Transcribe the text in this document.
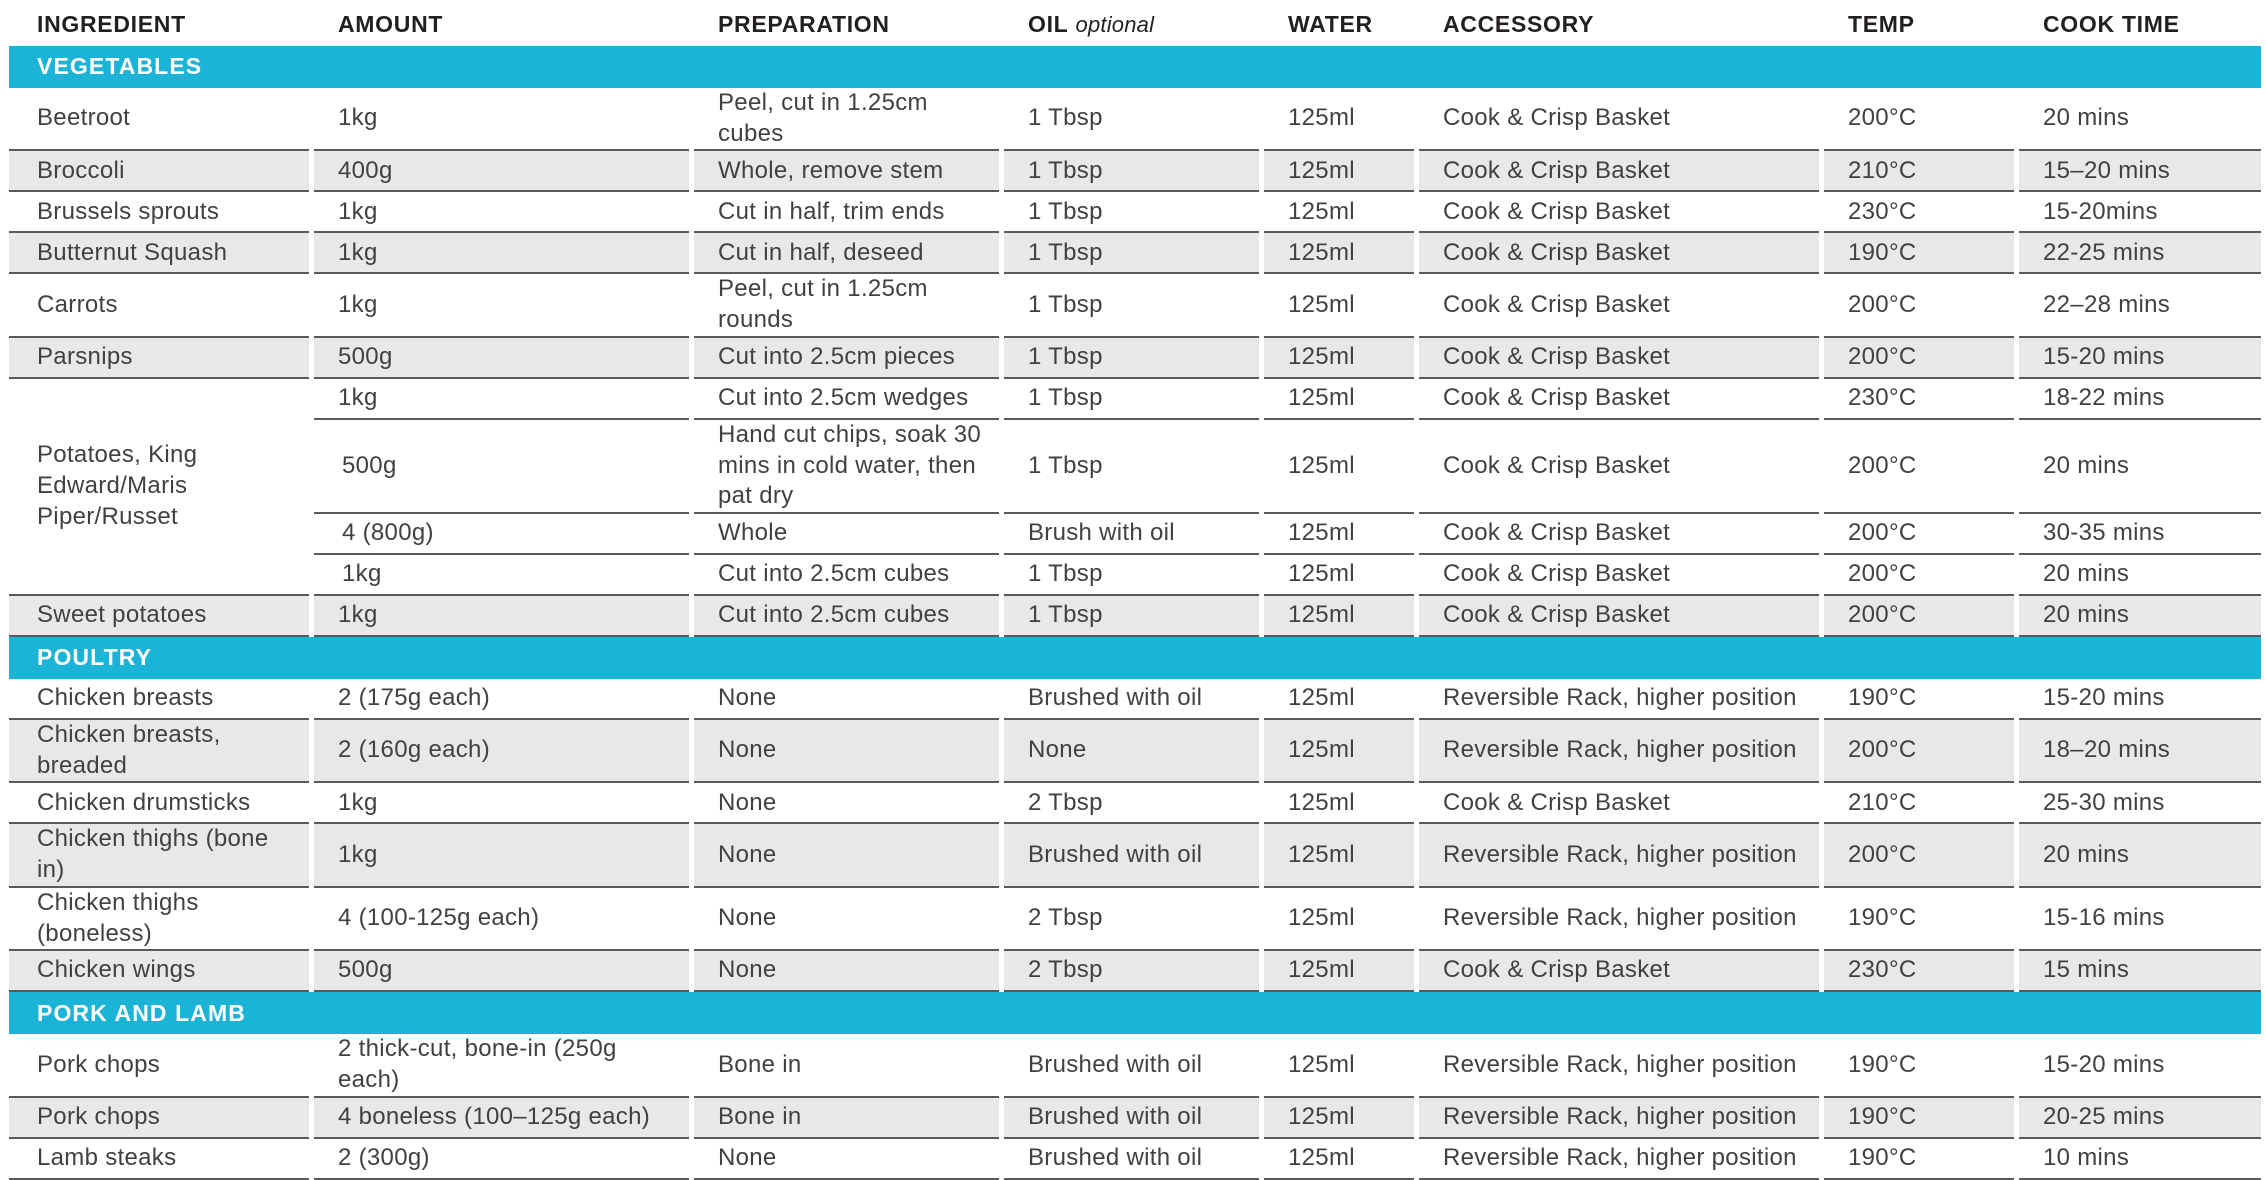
INGREDIENT	AMOUNT	PREPARATION	OIL optional	WATER	ACCESSORY	TEMP	COOK TIME
VEGETABLES							
Beetroot	1kg	Peel, cut in 1.25cm cubes	1 Tbsp	125ml	Cook & Crisp Basket	200°C	20 mins
Broccoli	400g	Whole, remove stem	1 Tbsp	125ml	Cook & Crisp Basket	210°C	15–20 mins
Brussels sprouts	1kg	Cut in half, trim ends	1 Tbsp	125ml	Cook & Crisp Basket	230°C	15-20mins
Butternut Squash	1kg	Cut in half, deseed	1 Tbsp	125ml	Cook & Crisp Basket	190°C	22-25 mins
Carrots	1kg	Peel, cut in 1.25cm rounds	1 Tbsp	125ml	Cook & Crisp Basket	200°C	22–28 mins
Parsnips	500g	Cut into 2.5cm pieces	1 Tbsp	125ml	Cook & Crisp Basket	200°C	15-20 mins
Potatoes, King Edward/Maris Piper/Russet	1kg	Cut into 2.5cm wedges	1 Tbsp	125ml	Cook & Crisp Basket	230°C	18-22 mins
	500g	Hand cut chips, soak 30 mins in cold water, then pat dry	1 Tbsp	125ml	Cook & Crisp Basket	200°C	20 mins
	4 (800g)	Whole	Brush with oil	125ml	Cook & Crisp Basket	200°C	30-35 mins
	1kg	Cut into 2.5cm cubes	1 Tbsp	125ml	Cook & Crisp Basket	200°C	20 mins
Sweet potatoes	1kg	Cut into 2.5cm cubes	1 Tbsp	125ml	Cook & Crisp Basket	200°C	20 mins
POULTRY							
Chicken breasts	2 (175g each)	None	Brushed with oil	125ml	Reversible Rack, higher position	190°C	15-20 mins
Chicken breasts, breaded	2 (160g each)	None	None	125ml	Reversible Rack, higher position	200°C	18–20 mins
Chicken drumsticks	1kg	None	2 Tbsp	125ml	Cook & Crisp Basket	210°C	25-30 mins
Chicken thighs (bone in)	1kg	None	Brushed with oil	125ml	Reversible Rack, higher position	200°C	20 mins
Chicken thighs (boneless)	4 (100-125g each)	None	2 Tbsp	125ml	Reversible Rack, higher position	190°C	15-16 mins
Chicken wings	500g	None	2 Tbsp	125ml	Cook & Crisp Basket	230°C	15 mins
PORK AND LAMB							
Pork chops	2 thick-cut, bone-in (250g each)	Bone in	Brushed with oil	125ml	Reversible Rack, higher position	190°C	15-20 mins
Pork chops	4 boneless (100–125g each)	Bone in	Brushed with oil	125ml	Reversible Rack, higher position	190°C	20-25 mins
Lamb steaks	2 (300g)	None	Brushed with oil	125ml	Reversible Rack, higher position	190°C	10 mins
